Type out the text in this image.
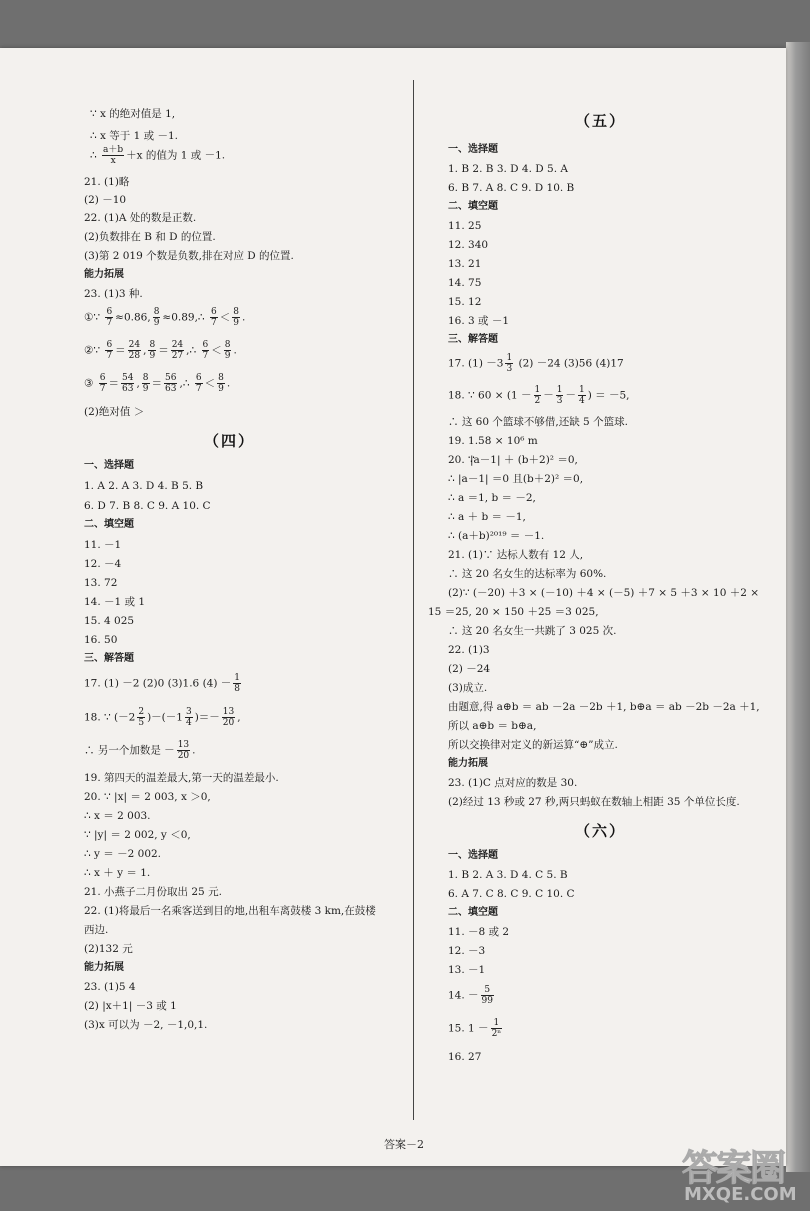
∵ x 的绝对值是 1,
∴ x 等于 1 或 －1.
∴ $\frac{a+b}{x} +x$ 的值为 1 或 －1.
21. (1)略
(2) －10
22. (1)A 处的数是正数.
(2)负数排在 B 和 D 的位置.
(3)第 2 019 个数是负数,排在对应 D 的位置.
能力拓展
23. (1)3 种.
①∵ $\frac{6}{7} \approx 0.86$, $\frac{8}{9}$ ≈0.89,∴ $\frac{6}{7} < \frac{8}{9}$ .
②∵ $\frac{6}{7} = \frac{24}{28}$ , $\frac{8}{9} = \frac{24}{27}$ ,∴ $\frac{6}{7} < \frac{8}{9}$ .
③ $\frac{6}{7} = \frac{54}{63}$ , $\frac{8}{9} = \frac{56}{63}$ ,∴ $\frac{6}{7} < \frac{8}{9}$ .
(2)绝对值 ＞
（四）
一、选择题
1. A 2. A 3. D 4. B 5. B
6. D 7. B 8. C 9. A 10. C
二、填空题
11. －1
12. －4
13. 72
14. －1 或 1
15. 4 025
16. 50
三、解答题
17. (1) －2 (2)0 (3)1.6 $(4) - \frac{1}{8}$
18. ∵ $(-2 \frac{2}{5} )-(-1 \frac{3}{4}$ )＝－ $\frac{13}{20}$ ,
∴ 另一个加数是 － $\frac{13}{20}$ .
19. 第四天的温差最大,第一天的温差最小.
20. ∵ |x| ＝ 2 003, x ＞0,
∴ x ＝ 2 003.
∵ |y| ＝ 2 002, y ＜0,
∴ y ＝ －2 002.
∴ x ＋ y ＝ 1.
21. 小燕子二月份取出 25 元.
22. (1)将最后一名乘客送到目的地,出租车离鼓楼 3 km,在鼓楼
西边.
(2)132 元
能力拓展
23. (1)5 4
(2) |x＋1| －3 或 1
(3)x 可以为 －2, －1,0,1.
（五）
一、选择题
1. B 2. B 3. D 4. D 5. A
6. B 7. A 8. C 9. D 10. B
二、填空题
11. 25
12. 340
13. 21
14. 75
15. 12
16. 3 或 －1
三、解答题
17. $(1) -3 \frac{1}{3} (2) -24$ (3)56 (4)17
18. ∵ $60 \times (1 - \frac{1}{2} - \frac{1}{3} - \frac{1}{4}$ ) ＝ －5,
∴ 这 60 个篮球不够借,还缺 5 个篮球.
19. 1.58 × 10⁶ m
20. ∵
|a－1| ＋ (b＋2)² ＝0,
∴ |a－1| ＝0 且(b＋2)² ＝0,
∴ a ＝1, b ＝ －2,
∴ a ＋ b ＝ －1,
∴ (a＋b)²⁰¹⁹ ＝ －1.
21. (1)∵ 达标人数有 12 人,
∴ 这 20 名女生的达标率为 60%.
(2)∵ (－20) ＋3 × (－10) ＋4 × (－5) ＋7 × 5 ＋3 × 10 ＋2 ×
15 ＝25, 20 × 150 ＋25 ＝3 025,
∴ 这 20 名女生一共跳了 3 025 次.
22. (1)3
(2) －24
(3)成立.
由题意,得 a⊕b ＝ ab －2a －2b ＋1, b⊕a ＝ ab －2b －2a ＋1,
所以 a⊕b ＝ b⊕a,
所以交换律对定义的新运算“⊕”成立.
能力拓展
23. (1)C 点对应的数是 30.
(2)经过 13 秒或 27 秒,两只蚂蚁在数轴上相距 35 个单位长度.
（六）
一、选择题
1. B 2. A 3. D 4. C 5. B
6. A 7. C 8. C 9. C 10. C
二、填空题
11. －8 或 2
12. －3
13. －1
14. － $\frac{5}{99}$
15. $1 - \frac{1}{\text{2ⁿ}}$
16. 27
答案－2
答案圈
MXQE.COM
